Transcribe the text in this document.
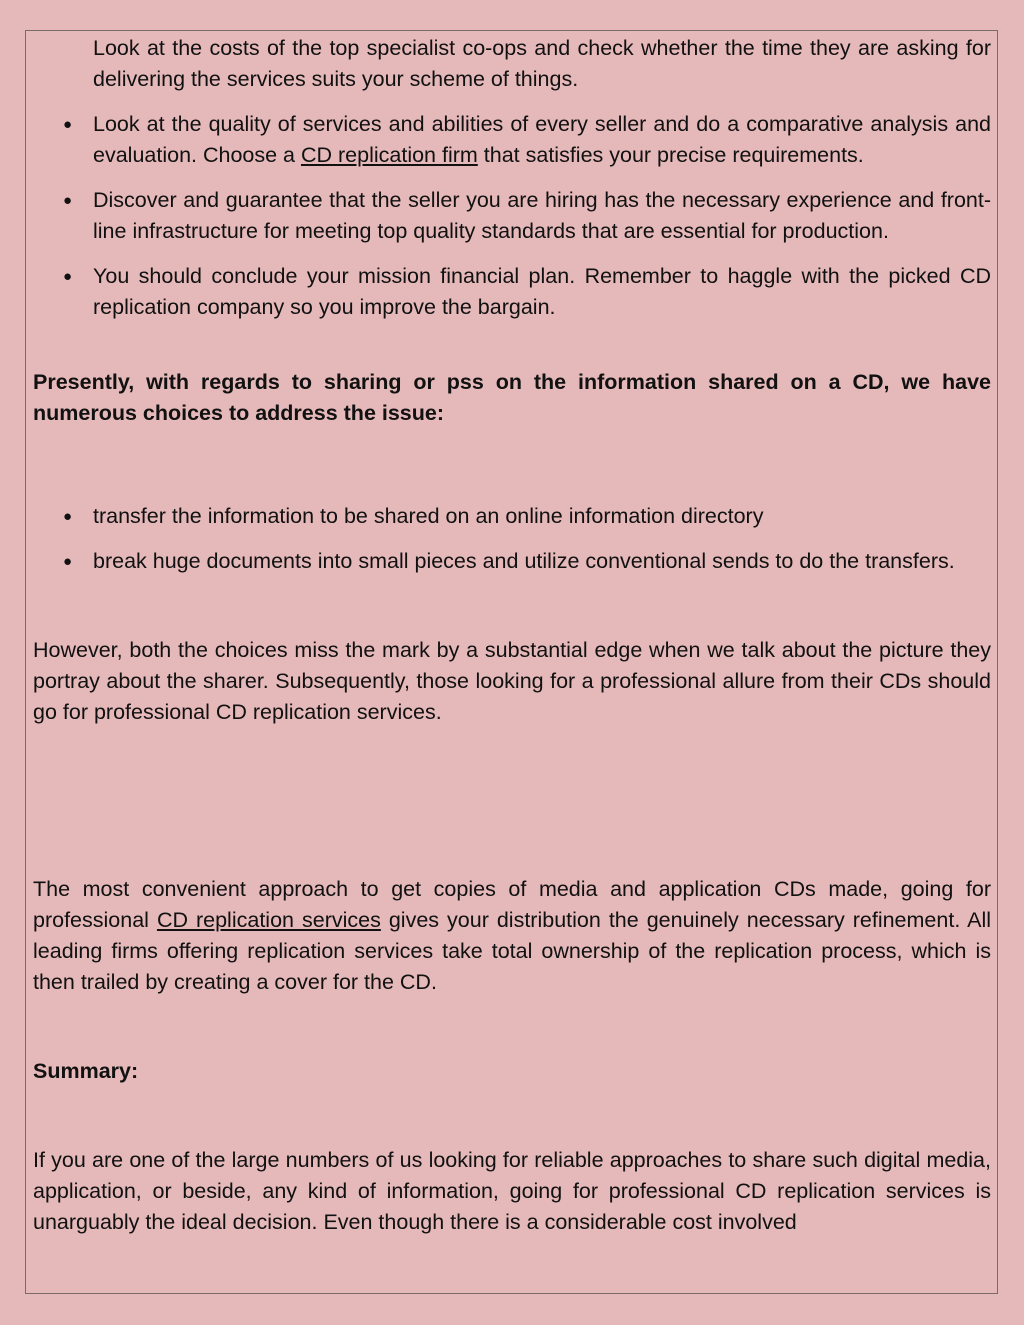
Look at the costs of the top specialist co-ops and check whether the time they are asking for delivering the services suits your scheme of things.

● Look at the quality of services and abilities of every seller and do a comparative analysis and evaluation. Choose a CD replication firm that satisfies your precise requirements.
● Discover and guarantee that the seller you are hiring has the necessary experience and front-line infrastructure for meeting top quality standards that are essential for production.
● You should conclude your mission financial plan. Remember to haggle with the picked CD replication company so you improve the bargain.

Presently, with regards to sharing or pss on the information shared on a CD, we have numerous choices to address the issue:

● transfer the information to be shared on an online information directory
● break huge documents into small pieces and utilize conventional sends to do the transfers.

However, both the choices miss the mark by a substantial edge when we talk about the picture they portray about the sharer. Subsequently, those looking for a professional allure from their CDs should go for professional CD replication services.

The most convenient approach to get copies of media and application CDs made, going for professional CD replication services gives your distribution the genuinely necessary refinement. All leading firms offering replication services take total ownership of the replication process, which is then trailed by creating a cover for the CD.

Summary:

If you are one of the large numbers of us looking for reliable approaches to share such digital media, application, or beside, any kind of information, going for professional CD replication services is unarguably the ideal decision. Even though there is a considerable cost involved
